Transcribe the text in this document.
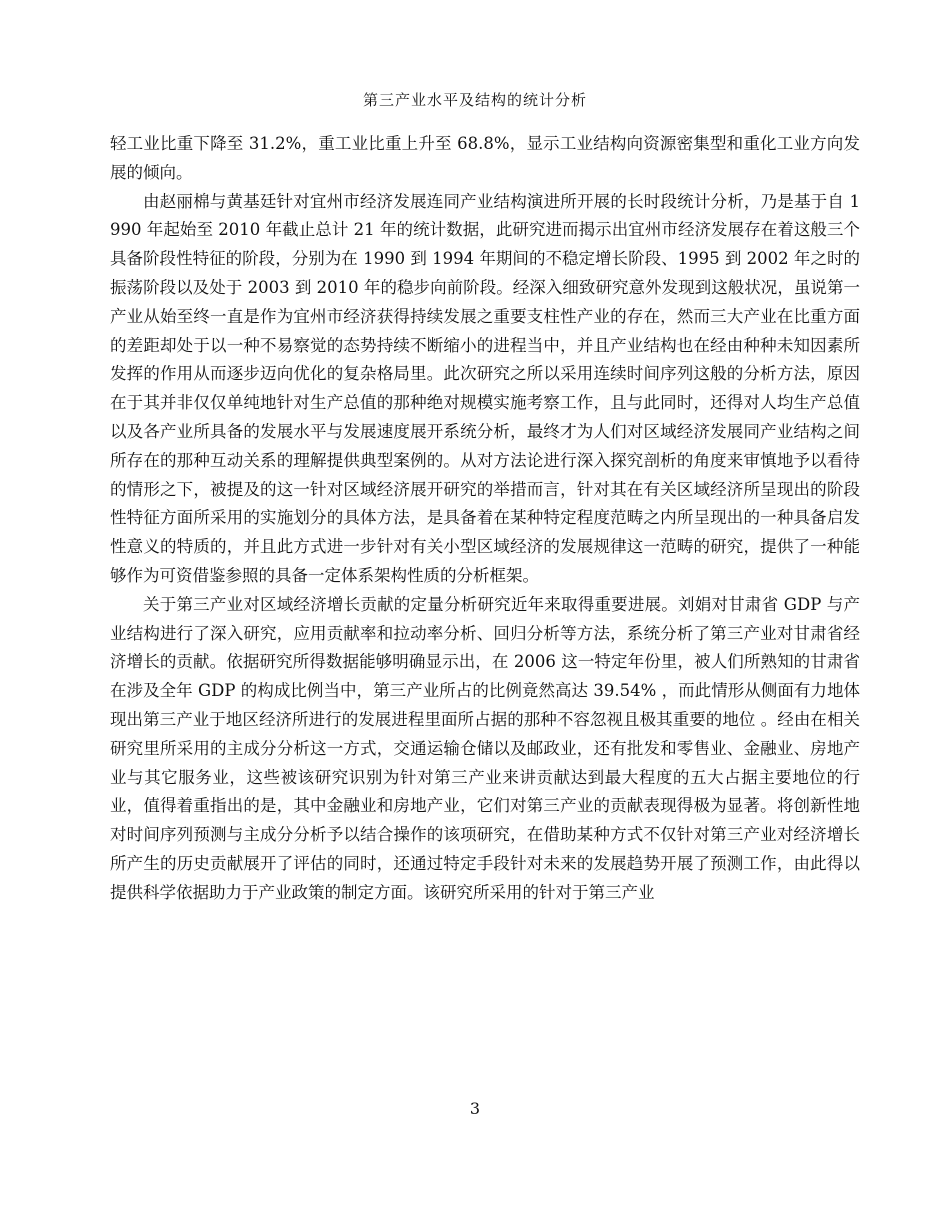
第三产业水平及结构的统计分析

轻工业比重下降至 31.2%，重工业比重上升至 68.8%，显示工业结构向资源密集型和重化工业方向发展的倾向。

由赵丽棉与黄基廷针对宜州市经济发展连同产业结构演进所开展的长时段统计分析，乃是基于自 1990 年起始至 2010 年截止总计 21 年的统计数据，此研究进而揭示出宜州市经济发展存在着这般三个具备阶段性特征的阶段，分别为在 1990 到 1994 年期间的不稳定增长阶段、1995 到 2002 年之时的振荡阶段以及处于 2003 到 2010 年的稳步向前阶段。经深入细致研究意外发现到这般状况，虽说第一产业从始至终一直是作为宜州市经济获得持续发展之重要支柱性产业的存在，然而三大产业在比重方面的差距却处于以一种不易察觉的态势持续不断缩小的进程当中，并且产业结构也在经由种种未知因素所发挥的作用从而逐步迈向优化的复杂格局里。此次研究之所以采用连续时间序列这般的分析方法，原因在于其并非仅仅单纯地针对生产总值的那种绝对规模实施考察工作，且与此同时，还得对人均生产总值以及各产业所具备的发展水平与发展速度展开系统分析，最终才为人们对区域经济发展同产业结构之间所存在的那种互动关系的理解提供典型案例的。从对方法论进行深入探究剖析的角度来审慎地予以看待的情形之下，被提及的这一针对区域经济展开研究的举措而言，针对其在有关区域经济所呈现出的阶段性特征方面所采用的实施划分的具体方法，是具备着在某种特定程度范畴之内所呈现出的一种具备启发性意义的特质的，并且此方式进一步针对有关小型区域经济的发展规律这一范畴的研究，提供了一种能够作为可资借鉴参照的具备一定体系架构性质的分析框架。

关于第三产业对区域经济增长贡献的定量分析研究近年来取得重要进展。刘娟对甘肃省 GDP 与产业结构进行了深入研究，应用贡献率和拉动率分析、回归分析等方法，系统分析了第三产业对甘肃省经济增长的贡献。依据研究所得数据能够明确显示出，在 2006 这一特定年份里，被人们所熟知的甘肃省在涉及全年 GDP 的构成比例当中，第三产业所占的比例竟然高达 39.54% ，而此情形从侧面有力地体现出第三产业于地区经济所进行的发展进程里面所占据的那种不容忽视且极其重要的地位 。经由在相关研究里所采用的主成分分析这一方式，交通运输仓储以及邮政业，还有批发和零售业、金融业、房地产业与其它服务业，这些被该研究识别为针对第三产业来讲贡献达到最大程度的五大占据主要地位的行业，值得着重指出的是，其中金融业和房地产业，它们对第三产业的贡献表现得极为显著。将创新性地对时间序列预测与主成分分析予以结合操作的该项研究，在借助某种方式不仅针对第三产业对经济增长所产生的历史贡献展开了评估的同时，还通过特定手段针对未来的发展趋势开展了预测工作，由此得以提供科学依据助力于产业政策的制定方面。该研究所采用的针对于第三产业

3
